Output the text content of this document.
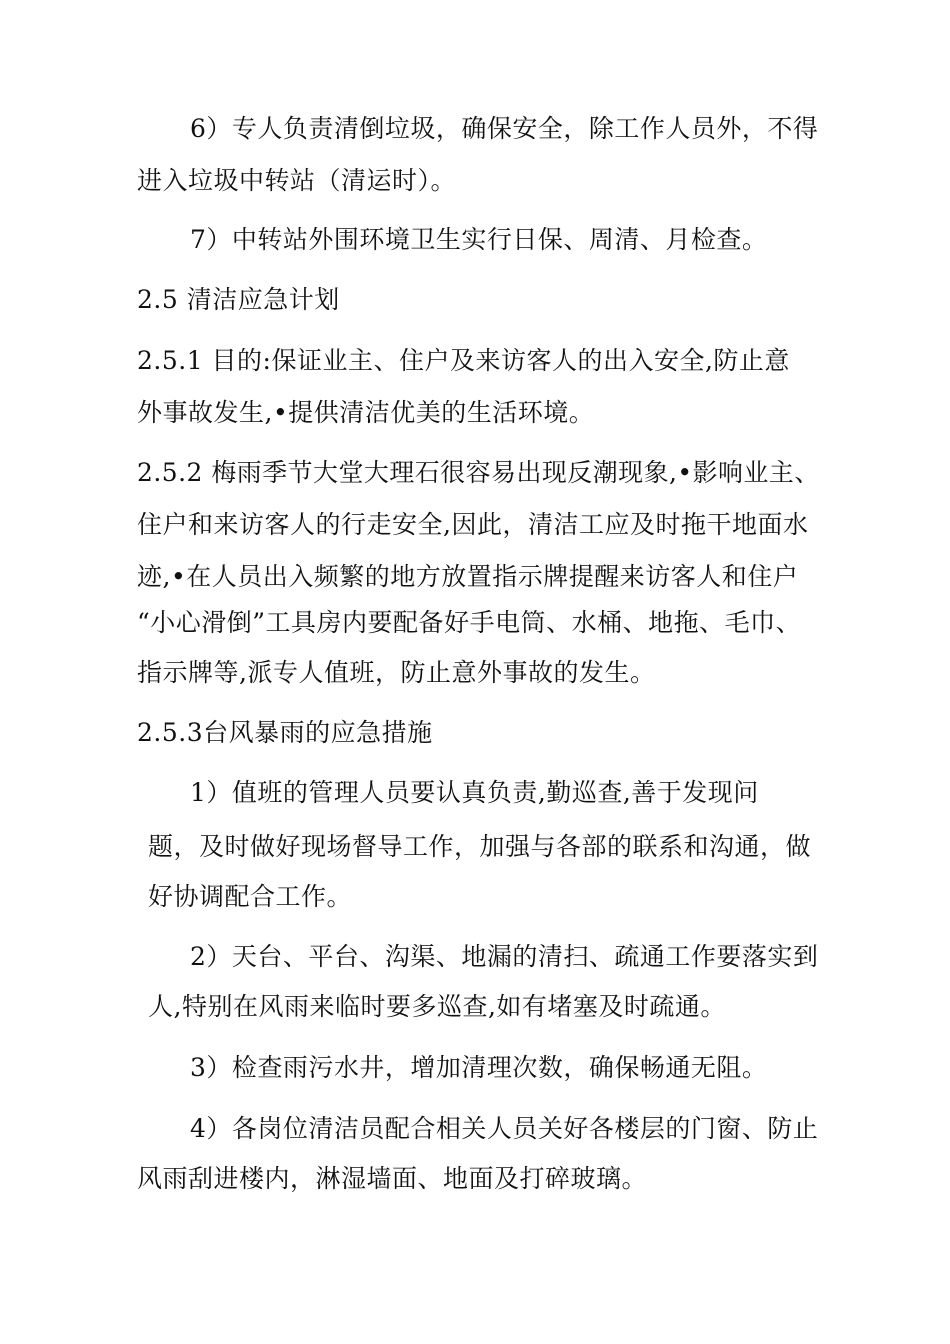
6）专人负责清倒垃圾，确保安全，除工作人员外，不得
进入垃圾中转站（清运时）。
7）中转站外围环境卫生实行日保、周清、月检查。
2.5 清洁应急计划
2.5.1 目的:保证业主、住户及来访客人的出入安全,防止意
外事故发生,•提供清洁优美的生活环境。
2.5.2 梅雨季节大堂大理石很容易出现反潮现象,•影响业主、
住户和来访客人的行走安全,因此，清洁工应及时拖干地面水
迹,•在人员出入频繁的地方放置指示牌提醒来访客人和住户
“小心滑倒”工具房内要配备好手电筒、水桶、地拖、毛巾、
指示牌等,派专人值班，防止意外事故的发生。
2.5.3台风暴雨的应急措施
1）值班的管理人员要认真负责,勤巡查,善于发现问
题，及时做好现场督导工作，加强与各部的联系和沟通，做
好协调配合工作。
2）天台、平台、沟渠、地漏的清扫、疏通工作要落实到
人,特别在风雨来临时要多巡查,如有堵塞及时疏通。
3）检查雨污水井，增加清理次数，确保畅通无阻。
4）各岗位清洁员配合相关人员关好各楼层的门窗、防止
风雨刮进楼内，淋湿墙面、地面及打碎玻璃。
